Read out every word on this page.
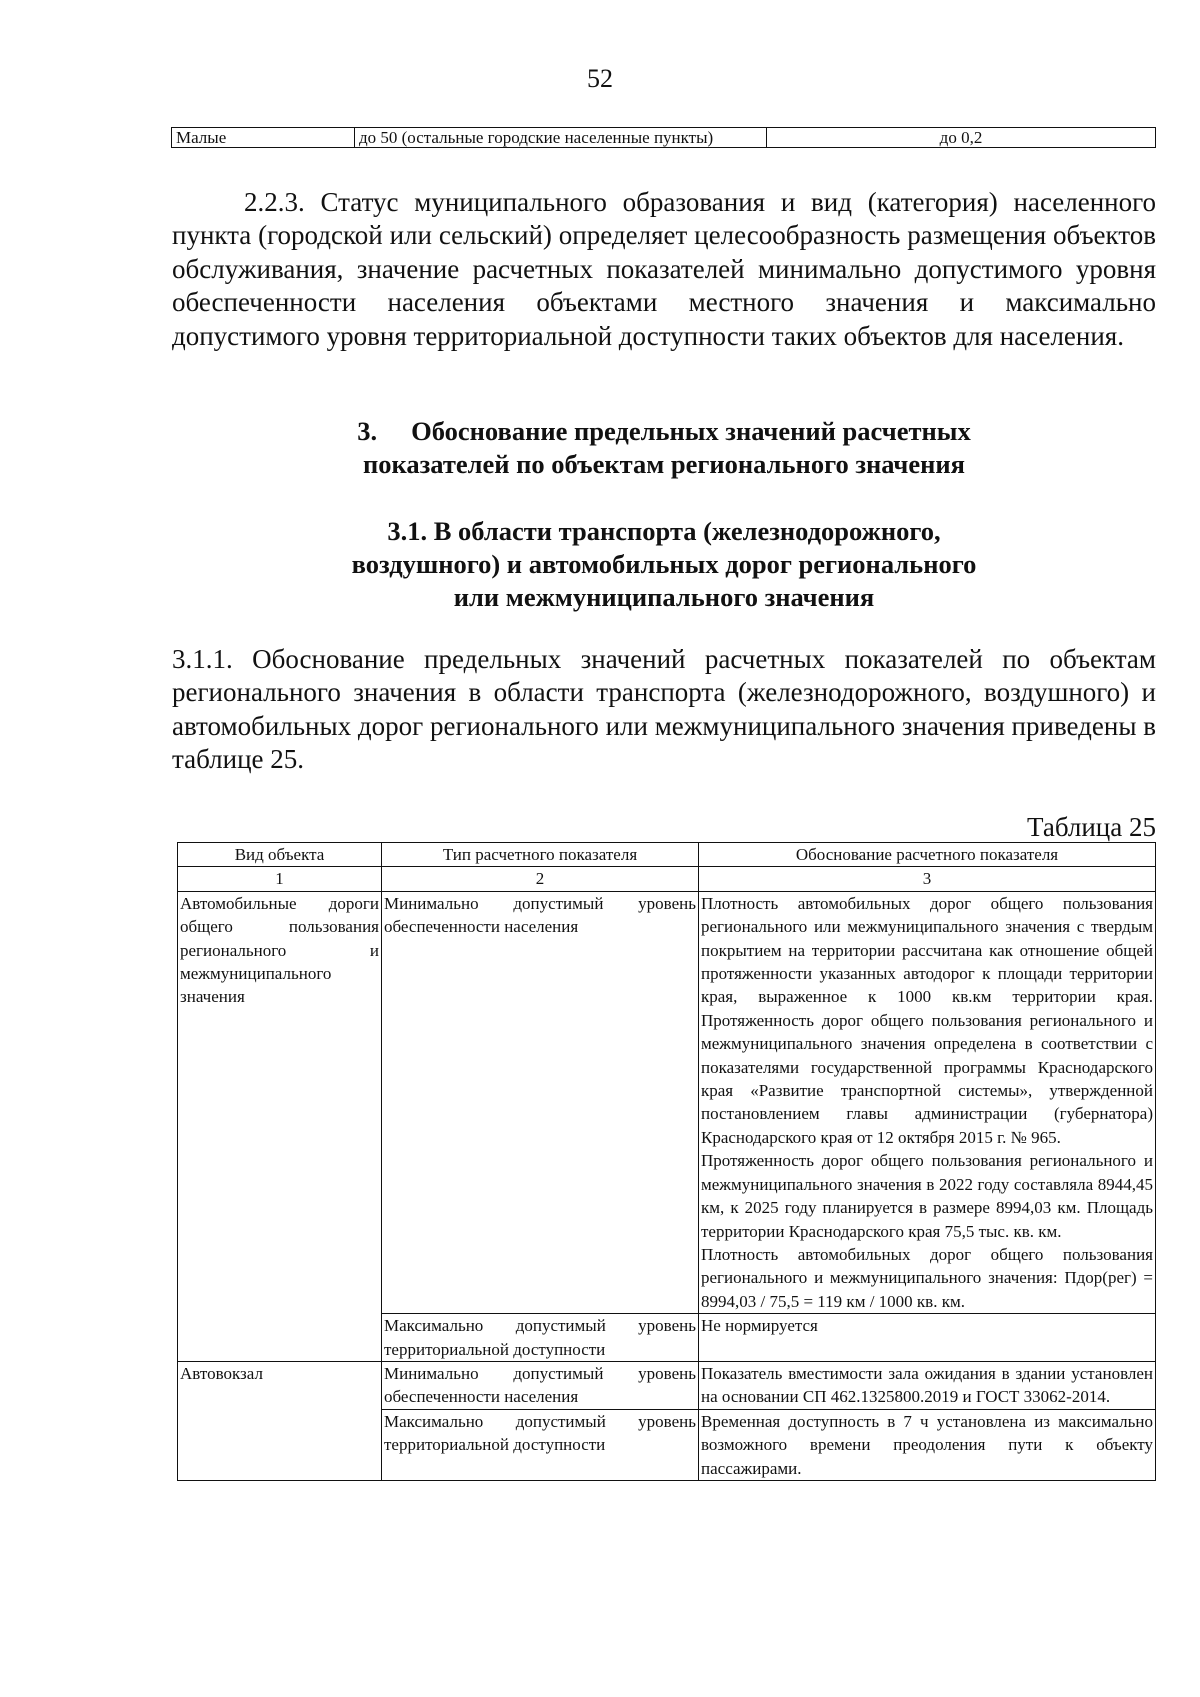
52
Малые	до 50 (остальные городские населенные пункты)	до 0,2

2.2.3. Статус муниципального образования и вид (категория) населенного пункта (городской или сельский) определяет целесообразность размещения объектов обслуживания, значение расчетных показателей минимально допустимого уровня обеспеченности населения объектами местного значения и максимально допустимого уровня территориальной доступности таких объектов для населения.

3. Обоснование предельных значений расчетных
показателей по объектам регионального значения
3.1. В области транспорта (железнодорожного,
воздушного) и автомобильных дорог регионального
или межмуниципального значения

3.1.1. Обоснование предельных значений расчетных показателей по объектам регионального значения в области транспорта (железнодорожного, воздушного) и автомобильных дорог регионального или межмуниципального значения приведены в таблице 25.

Таблица 25
Вид объекта	Тип расчетного показателя	Обоснование расчетного показателя
1	2	3
Автомобильные дороги общего пользования регионального и межмуниципального значения	Минимально допустимый уровень обеспеченности населения	Плотность автомобильных дорог общего пользования регионального или межмуниципального значения с твердым покрытием на территории рассчитана как отношение общей протяженности указанных автодорог к площади территории края, выраженное к 1000 кв.км территории края. Протяженность дорог общего пользования регионального и межмуниципального значения определена в соответствии с показателями государственной программы Краснодарского края «Развитие транспортной системы», утвержденной постановлением главы администрации (губернатора) Краснодарского края от 12 октября 2015 г. № 965.
Протяженность дорог общего пользования регионального и межмуниципального значения в 2022 году составляла 8944,45 км, к 2025 году планируется в размере 8994,03 км. Площадь территории Краснодарского края 75,5 тыс. кв. км.
Плотность автомобильных дорог общего пользования регионального и межмуниципального значения: Пдор(рег) = 8994,03 / 75,5 = 119 км / 1000 кв. км.

	Максимально допустимый уровень территориальной доступности	Не нормируется
Автовокзал	Минимально допустимый уровень обеспеченности населения	Показатель вместимости зала ожидания в здании установлен на основании СП 462.1325800.2019 и ГОСТ 33062-2014.
	Максимально допустимый уровень территориальной доступности	Временная доступность в 7 ч установлена из максимально возможного времени преодоления пути к объекту пассажирами.
